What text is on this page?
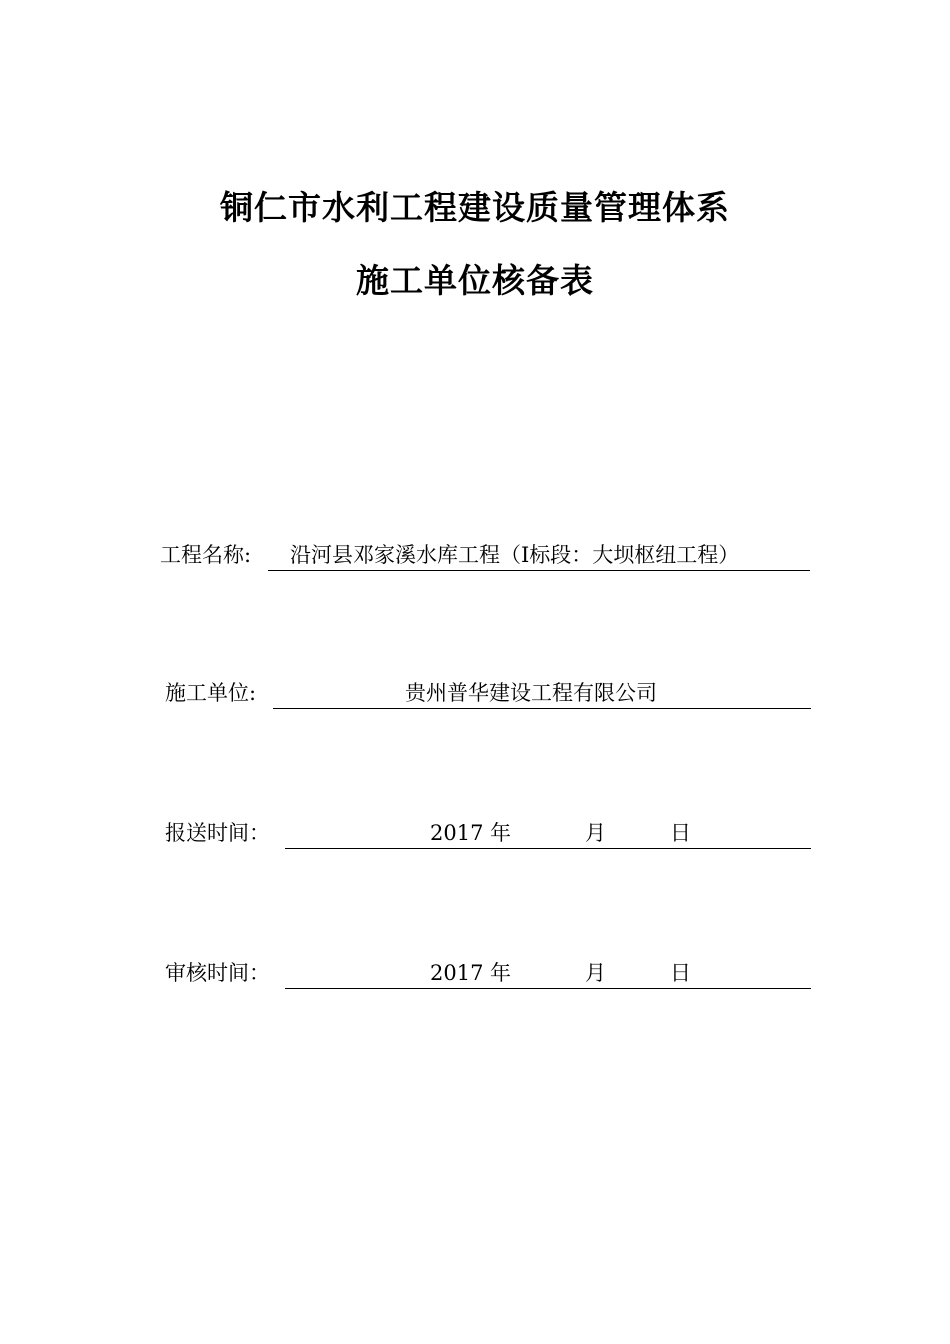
铜仁市水利工程建设质量管理体系
施工单位核备表
工程名称: 沿河县邓家溪水库工程（I标段：大坝枢纽工程）
施工单位:	贵州普华建设工程有限公司
报送时间：	2017 年	月	日
审核时间：	2017 年	月	日
